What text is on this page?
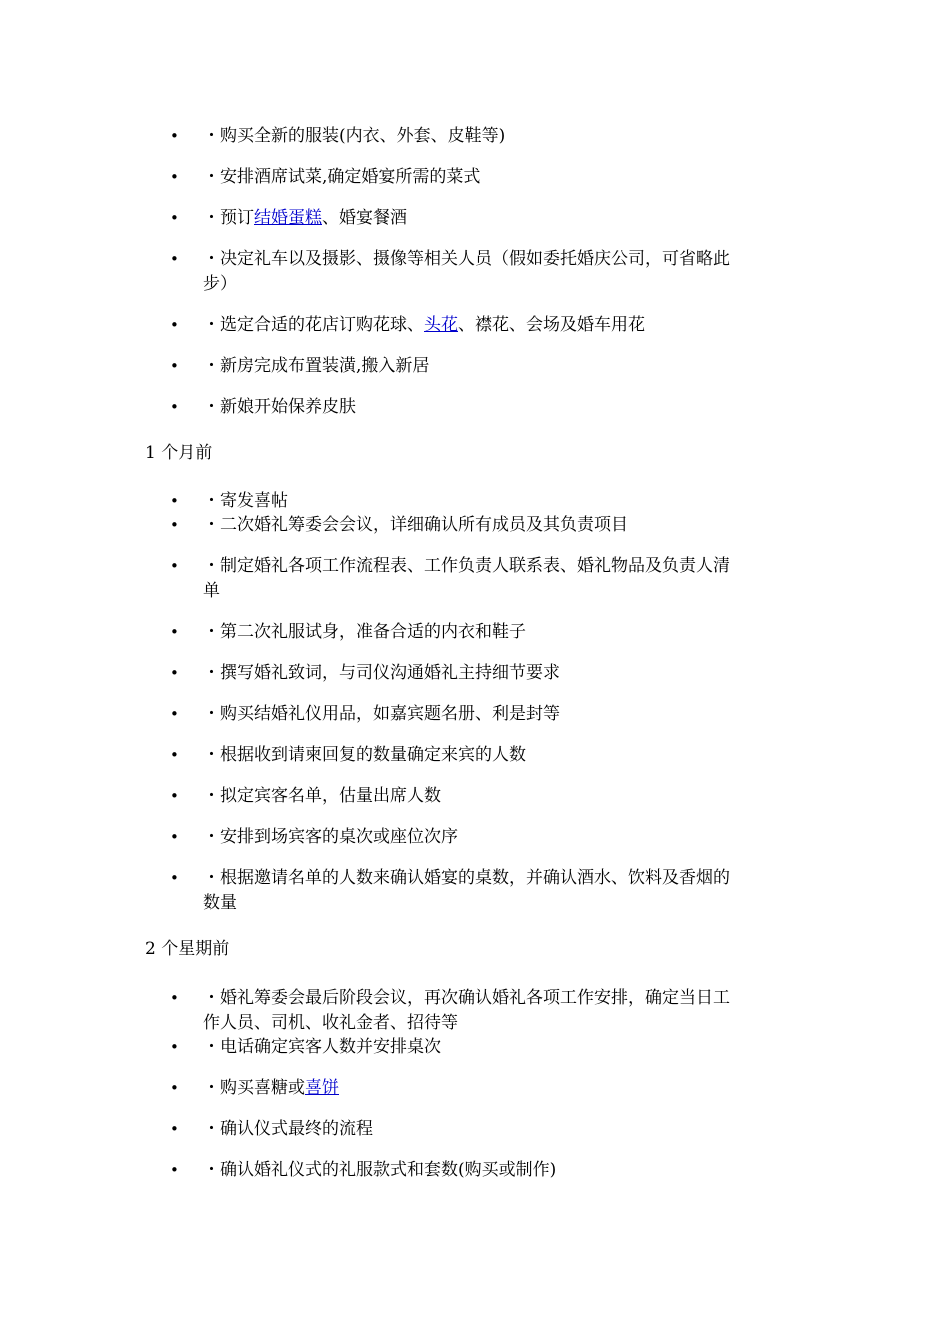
•	・购买全新的服装(内衣、外套、皮鞋等)
•	・安排酒席试菜,确定婚宴所需的菜式
•	・预订结婚蛋糕、婚宴餐酒
•	・决定礼车以及摄影、摄像等相关人员（假如委托婚庆公司，可省略此
步）
•	・选定合适的花店订购花球、头花、襟花、会场及婚车用花
•	・新房完成布置装潢,搬入新居
•	・新娘开始保养皮肤
1 个月前
•	・寄发喜帖
•	・二次婚礼筹委会会议，详细确认所有成员及其负责项目
•	・制定婚礼各项工作流程表、工作负责人联系表、婚礼物品及负责人清
单
•	・第二次礼服试身，准备合适的内衣和鞋子
•	・撰写婚礼致词，与司仪沟通婚礼主持细节要求
•	・购买结婚礼仪用品，如嘉宾题名册、利是封等
•	・根据收到请柬回复的数量确定来宾的人数
•	・拟定宾客名单，估量出席人数
•	・安排到场宾客的桌次或座位次序
•	・根据邀请名单的人数来确认婚宴的桌数，并确认酒水、饮料及香烟的
数量
2 个星期前
•	・婚礼筹委会最后阶段会议，再次确认婚礼各项工作安排，确定当日工
作人员、司机、收礼金者、招待等
•	・电话确定宾客人数并安排桌次
•	・购买喜糖或喜饼
•	・确认仪式最终的流程
•	・确认婚礼仪式的礼服款式和套数(购买或制作)
